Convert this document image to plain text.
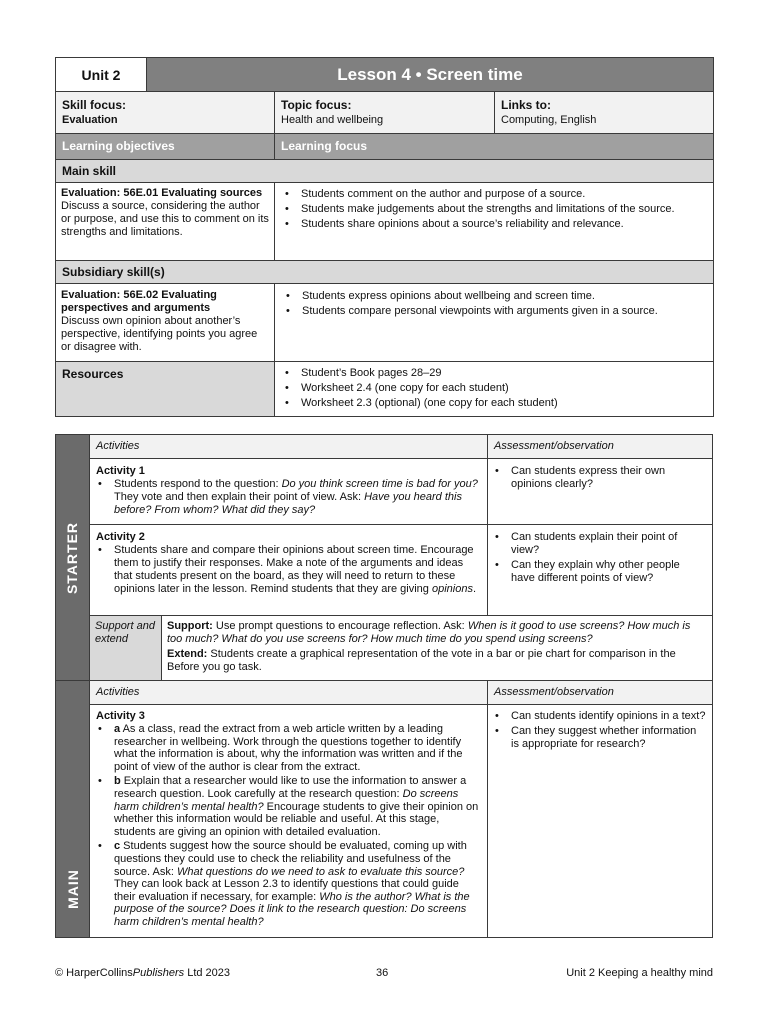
Unit 2	Lesson 4 • Screen time
Skill focus:
Evaluation
Topic focus:
Health and wellbeing
Links to:
Computing, English
Learning objectives	Learning focus
Main skill
Evaluation: 56E.01 Evaluating sources
Discuss a source, considering the author or purpose, and use this to comment on its strengths and limitations.
• Students comment on the author and purpose of a source.
• Students make judgements about the strengths and limitations of the source.
• Students share opinions about a source’s reliability and relevance.
Subsidiary skill(s)
Evaluation: 56E.02 Evaluating perspectives and arguments
Discuss own opinion about another’s perspective, identifying points you agree or disagree with.
• Students express opinions about wellbeing and screen time.
• Students compare personal viewpoints with arguments given in a source.
Resources
•	Student’s Book pages 28–29
• Worksheet 2.4 (one copy for each student)
• Worksheet 2.3 (optional) (one copy for each student)
STARTER
Activities	Assessment/observation
Activity 1
• Students respond to the question: Do you think screen time is bad for you? They vote and then explain their point of view. Ask: Have you heard this before? From whom? What did they say?
• Can students express their own opinions clearly?
Activity 2
• Students share and compare their opinions about screen time. Encourage them to justify their responses. Make a note of the arguments and ideas that students present on the board, as they will need to return to these opinions later in the lesson. Remind students that they are giving opinions.
• Can students explain their point of view?
• Can they explain why other people have different points of view?
Support and extend
Support: Use prompt questions to encourage reflection. Ask: When is it good to use screens? How much is too much? What do you use screens for? How much time do you spend using screens?
Extend: Students create a graphical representation of the vote in a bar or pie chart for comparison in the Before you go task.
MAIN
Activities	Assessment/observation
Activity 3
• a As a class, read the extract from a web article written by a leading researcher in wellbeing. Work through the questions together to identify what the information is about, why the information was written and if the point of view of the author is clear from the extract.
• b Explain that a researcher would like to use the information to answer a research question. Look carefully at the research question: Do screens harm children’s mental health? Encourage students to give their opinion on whether this information would be reliable and useful. At this stage, students are giving an opinion with detailed evaluation.
• c Students suggest how the source should be evaluated, coming up with questions they could use to check the reliability and usefulness of the source. Ask: What questions do we need to ask to evaluate this source? They can look back at Lesson 2.3 to identify questions that could guide their evaluation if necessary, for example: Who is the author? What is the purpose of the source? Does it link to the research question: Do screens harm children’s mental health?
• Can students identify opinions in a text?
• Can they suggest whether information is appropriate for research?
© HarperCollinsPublishers Ltd 2023	36	Unit 2 Keeping a healthy mind
